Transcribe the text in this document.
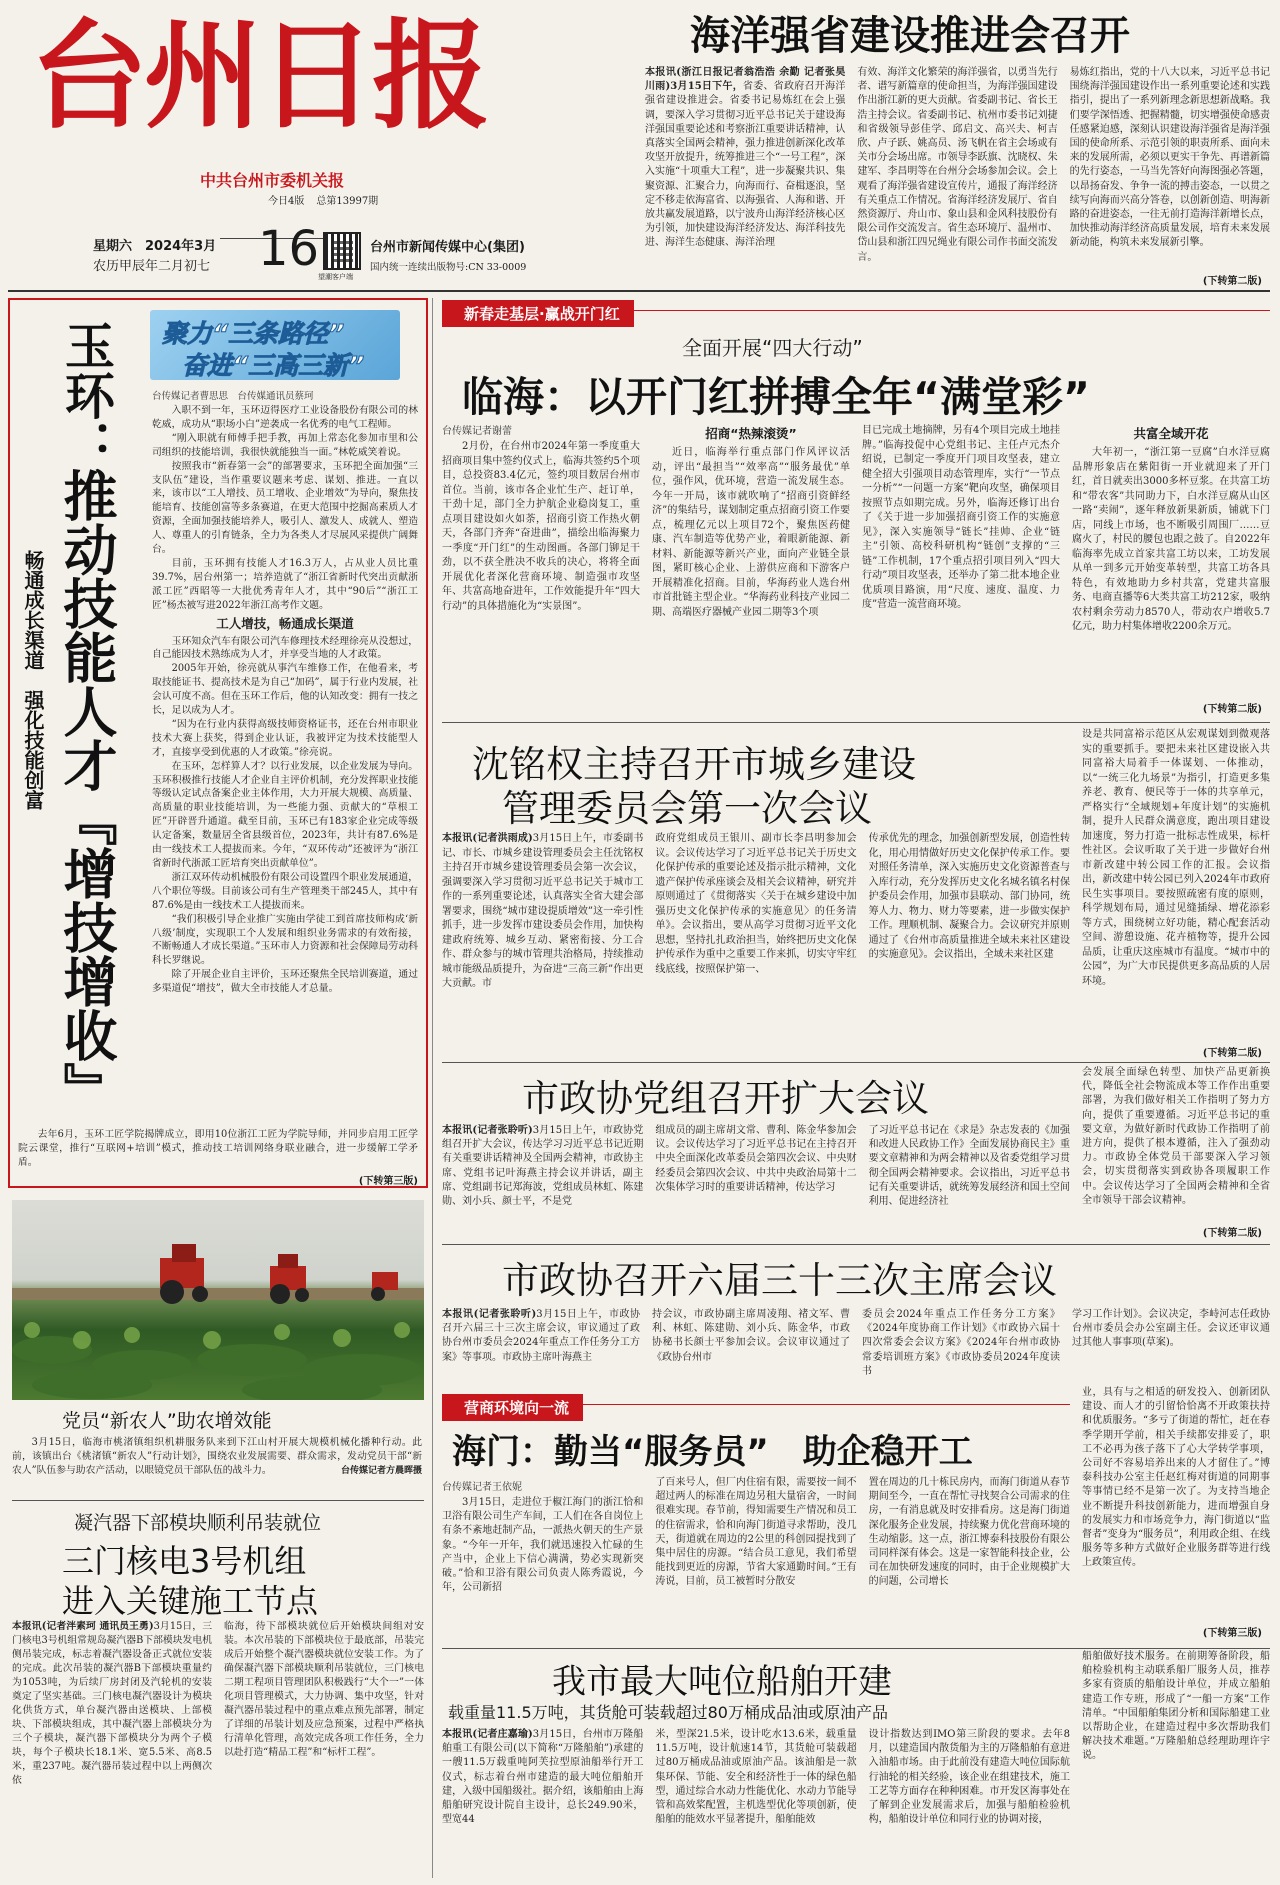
台州日报
中共台州市委机关报
今日4版 总第13997期
星期六　2024年3月
农历甲辰年二月初七 16
望潮客户端
台州市新闻传媒中心(集团)
国内统一连续出版物号:CN 33-0009
海洋强省建设推进会召开
本报讯(浙江日报记者翁浩浩 余勤 记者张昊川雨)3月15日下午，省委、省政府召开海洋强省建设推进会。省委书记易炼红在会上强调，要深入学习贯彻习近平总书记关于建设海洋强国重要论述和考察浙江重要讲话精神，认真落实全国两会精神，强力推进创新深化改革攻坚开放提升，统筹推进三个“一号工程”，深入实施“十项重大工程”，进一步凝聚共识、集聚资源、汇聚合力，向海而行、奋楫逐浪，坚定不移走依海富省、以海强省、人海和谐、开放共赢发展道路，以宁波舟山海洋经济核心区为引领，加快建设海洋经济发达、海洋科技先进、海洋生态健康、海洋治理
有效、海洋文化繁荣的海洋强省，以勇当先行者、谱写新篇章的使命担当，为海洋强国建设作出浙江新的更大贡献。省委副书记、省长王浩主持会议。省委副书记、杭州市委书记刘捷和省级领导彭佳学、邱启文、高兴夫、柯吉欣、卢子跃、姚高员、汤飞帆在省主会场或有关市分会场出席。市领导李跃旗、沈晓权、朱建军、李昌明等在台州分会场参加会议。会上观看了海洋强省建设宣传片，通报了海洋经济有关重点工作情况。省海洋经济发展厅、省自然资源厅、舟山市、象山县和金风科技股份有限公司作交流发言。省生态环境厅、温州市、岱山县和浙江四兄绳业有限公司作书面交流发言。
易炼红指出，党的十八大以来，习近平总书记围绕海洋强国建设作出一系列重要论述和实践指引，提出了一系列新理念新思想新战略。我们要学深悟透、把握精髓，切实增强使命感责任感紧迫感，深刻认识建设海洋强省是海洋强国的使命所系、示范引领的职责所系、面向未来的发展所需，必须以更实干争先、再谱新篇的先行姿态，一马当先答好向海图强必答题，以昂扬奋发、争争一流的搏击姿态，一以贯之续写向海而兴高分答卷，以创新创造、明海新路的奋进姿态，一往无前打造海洋新增长点，加快推动海洋经济高质量发展，培育未来发展新动能，构筑未来发展新引擎。
(下转第二版)
聚力“三条路径”
奋进“三高三新”
玉环：

推动技能人才『增技增收』
畅通成长渠道　强化技能创富
台传媒记者曹思思　台传媒通讯员蔡珂

入职不到一年，玉环迈得医疗工业设备股份有限公司的林乾威，成功从“职场小白”逆袭成一名优秀的电气工程师。

“刚入职就有师傅手把手教，再加上常态化参加市里和公司组织的技能培训，我很快就能独当一面。”林乾威笑着说。

按照我市“新春第一会”的部署要求，玉环把全面加强“三支队伍”建设，当作重要议题来考虑、谋划、推进。一直以来，该市以“工人增技、员工增收、企业增效”为导向，聚焦技能培育、技能创富等多条赛道，在更大范围中挖掘高素质人才资源，全面加强技能培养人，吸引人、激发人、成就人、塑造人、尊重人的引育链条，全力为各类人才尽展风采提供广阔舞台。

目前，玉环拥有技能人才16.3万人，占从业人员比重39.7%，居台州第一；培养造就了“浙江省新时代突出贡献浙派工匠”西昭等一大批优秀青年人才，其中“90后”“浙江工匠”杨杰被写进2022年浙江高考作文题。

工人增技，畅通成长渠道

玉环知众汽车有限公司汽车修理技术经理徐亮从没想过，自己能因技术熟练成为人才，并享受当地的人才政策。

2005年开始，徐亮就从事汽车维修工作，在他看来，考取技能证书、提高技术是为自己“加码”，属于行业内发展，社会认可度不高。但在玉环工作后，他的认知改变：拥有一技之长，足以成为人才。

“因为在行业内获得高级技师资格证书，还在台州市职业技术大赛上获奖，得到企业认证，我被评定为技术技能型人才，直接享受到优惠的人才政策。”徐亮说。

在玉环，怎样算人才？以行业发展，以企业发展为导向。玉环积极推行技能人才企业自主评价机制，充分发挥职业技能等级认定试点备案企业主体作用，大力开展大规模、高质量、高质量的职业技能培训，为一些能力强、贡献大的“草根工匠”开辟晋升通道。截至目前，玉环已有183家企业完成等级认定备案，数量居全省县级首位，2023年，共计有87.6%是由一线技术工人提拔而来。今年，“双环传动”还被评为“浙江省新时代浙派工匠培育突出贡献单位”。

浙江双环传动机械股份有限公司设置四个职业发展通道，八个职位等级。目前该公司有生产管理类干部245人，其中有87.6%是由一线技术工人提拔而来。

“我们积极引导企业推广实施由学徒工到首席技师构成‘新八级’制度，实现职工个人发展和组织业务需求的有效衔接，不断畅通人才成长渠道。”玉环市人力资源和社会保障局劳动科科长罗继说。

除了开展企业自主评价，玉环还聚焦全民培训赛道，通过多渠道促“增技”，做大全市技能人才总量。

去年6月，玉环工匠学院揭牌成立，即用10位浙江工匠为学院导师，并同步启用工匠学院云课堂，推行“互联网+培训”模式，推动技工培训网络身联业融合，进一步缓解工学矛盾。
(下转第三版)
党员“新农人”助农增效能
3月15日，临海市桃渚镇组织机耕服务队来到下江山村开展大规模机械化播种行动。此前，该镇出台《桃渚镇“新农人”行动计划》，围绕农业发展需要、群众需求，发动党员干部“新农人”队伍参与助农产活动，以眼镜党员干部队伍的战斗力。	台传媒记者方晨晖摄
凝汽器下部模块顺利吊装就位
三门核电3号机组
进入关键施工节点
本报讯(记者泮素珂 通讯员王勇)3月15日，三门核电3号机组常规岛凝汽器B下部模块发电机侧吊装完成，标志着凝汽器设备正式就位安装的完成。此次吊装的凝汽器B下部模块重量约为1053吨，为后续厂房封闭及汽轮机的安装奠定了坚实基础。三门核电凝汽器设计为模块化供货方式，单台凝汽器由送模块、上部模块、下部模块组成，其中凝汽器上部模块分为三个子模块，凝汽器下部模块分为两个子模块，每个子模块长18.1米、宽5.5米、高8.5米，重237吨。凝汽器吊装过程中以上两侧次依
临海，待下部模块就位后开始模块间组对安装。本次吊装的下部模块位于最底部，吊装完成后开始整个凝汽器模块就位安装工作。为了确保凝汽器下部模块顺利吊装就位，三门核电二期工程项目管理团队积极践行“大个一”一体化项目管理模式，大力协调、集中攻坚，针对凝汽器吊装过程中的重点难点预先部署，制定了详细的吊装计划及应急预案，过程中严格执行清单化管理，高效完成各项工作任务，全力以赴打造“精品工程”和“标杆工程”。
新春走基层·赢战开门红
全面开展“四大行动”
临海：以开门红拼搏全年“满堂彩”
台传媒记者谢蕾
2月份，在台州市2024年第一季度重大招商项目集中签约仪式上，临海共签约5个项目，总投资83.4亿元，签约项目数居台州市首位。当前，该市各企业忙生产、赶订单，干劲十足，部门全力护航企业稳岗复工，重点项目建设如火如荼，招商引资工作热火朝天，各部门齐奔“奋进曲”，描绘出临海聚力一季度“开门红”的生动图画。各部门铆足干劲，以不获全胜决不收兵的决心，将将全面开展优化者深化营商环境、制造强市攻坚年、共富高地奋进年，工作效能提升年“四大行动”的具体措施化为“实景图”。
招商“热辣滚烫”
近日，临海举行重点部门作风评议活动，评出“最担当”“效率高”“服务最优”单位，强作风，优环境，营造一流发展生态。今年一开局，该市就吹响了“招商引资鲜经济”的集结号，谋划制定重点招商引资工作要点，梳理亿元以上项目72个，聚焦医药健康、汽车制造等优势产业，着眼新能源、新材料、新能源等新兴产业，面向产业链全景图，紧盯核心企业、上游供应商和下游客户开展精准化招商。目前，华海药业人选台州市首批链主型企业。“华海药业科技产业园二期、高端医疗器械产业园二期等3个项
目已完成土地摘牌，另有4个项目完成土地挂牌。”临海投促中心党组书记、主任卢元杰介绍说，已制定一季度开门项目攻坚表，建立健全招大引强项目动态管理库，实行“一节点一分析”“一问题一方案”靶向攻坚，确保项目按照节点如期完成。另外，临海还修订出台了《关于进一步加强招商引资工作的实施意见》，深入实施领导“链长”挂帅、企业“链主”引领、高校科研机构“链创”支撑的“三链”工作机制，17个重点招引项目列入“四大行动”项目攻坚表，还举办了第二批本地企业优质项目路演，用“尺度、速度、温度、力度”营造一流营商环境。
共富全域开花
大年初一，“浙江第一豆腐”白水洋豆腐品牌形象店在紫阳街一开业就迎来了开门红，首日就卖出3000多杯豆浆。在共富工坊和“带农客”共同助力下，白水洋豆腐从山区一路“卖闹”，逐年释放新果新质，铺就下门店，同线上市场，也不断吸引周围厂……豆腐火了，村民的腰包也跟之鼓了。自2022年临海率先成立首家共富工坊以来，工坊发展从单一到多元开始变革转型，共富工坊各具特色，有效地助力乡村共富，党建共富服务、电商直播等6大类共富工坊212家，吸纳农村剩余劳动力8570人，带动农户增收5.7亿元，助力村集体增收2200余万元。
(下转第二版)
沈铭权主持召开市城乡建设
管理委员会第一次会议
设是共同富裕示范区从宏观谋划到微观落实的重要抓手。要把未来社区建设嵌入共同富裕大局着手一体谋划、一体推动，以“一统三化九场景”为指引，打造更多集养老、教育、便民等于一体的共享单元，严格实行“全域规划+年度计划”的实施机制，提升人民群众满意度，跑出项目建设加速度，努力打造一批标志性成果，标杆性社区。会议听取了关于进一步做好台州市新改建中转公园工作的汇报。会议指出，新改建中转公园已列入2024年市政府民生实事项目。要按照疏密有度的原则，科学规划布局，通过见缝插绿、增花添彩等方式，围绕树立好功能，精心配套活动空间、游憩设施、花卉植物等，提升公园品质，让重庆这座城市有温度。“城市中的公园”，为广大市民提供更多高品质的人居环境。
本报讯(记者洪雨成)3月15日上午，市委副书记、市长、市城乡建设管理委员会主任沈铭权主持召开市城乡建设管理委员会第一次会议，强调要深入学习贯彻习近平总书记关于城市工作的一系列重要论述，认真落实全省大建会部署要求，围绕“城市建设提质增效”这一牵引性抓手，进一步发挥市建设委员会作用，加快构建政府统筹、城乡互动、紧密衔接、分工合作、群众参与的城市管理共治格局，持续推动城市能级品质提升，为奋进“三高三新”作出更大贡献。市
政府党组成员王银川、副市长李昌明参加会议。会议传达学习了习近平总书记关于历史文化保护传承的重要论述及指示批示精神，文化遗产保护传承座谈会及相关会议精神，研究并原则通过了《贯彻落实〈关于在城乡建设中加强历史文化保护传承的实施意见〉的任务清单》。会议指出，要从高学习贯彻习近平文化思想，坚持扎扎政治担当，始终把历史文化保护传承作为重中之重要工作来抓，切实守牢红线底线，按照保护第一、
传承优先的理念，加强创新型发展，创造性转化，用心用情做好历史文化保护传承工作。要对照任务清单，深入实施历史文化资源普查与入库行动，充分发挥历史文化名城名镇名村保护委员会作用，加强市县联动、部门协同，统筹人力、物力、财力等要素，进一步做实保护工作。理顺机制、凝聚合力。会议研究并原则通过了《台州市高质量推进全域未来社区建设的实施意见》。会议指出，全域未来社区建
(下转第二版)
市政协党组召开扩大会议
会发展全面绿色转型、加快产品更新换代，降低全社会物流成本等工作作出重要部署，为我们做好相关工作指明了努力方向，提供了重要遵循。习近平总书记的重要文章，为做好新时代政协工作指明了前进方向，提供了根本遵循，注入了强劲动力。市政协全体党员干部要深入学习领会，切实贯彻落实到政协各项履职工作中。会议传达学习了全国两会精神和全省全市领导干部会议精神。
本报讯(记者张聆听)3月15日上午，市政协党组召开扩大会议，传达学习习近平总书记近期有关重要讲话精神及全国两会精神，市政协主席、党组书记叶海燕主持会议并讲话，副主席、党组副书记郑海波，党组成员林虹、陈建勋、刘小兵、颜士平，不是党
组成员的副主席胡文常、曹利、陈金华参加会议。会议传达学习了习近平总书记在主持召开中央全面深化改革委员会第四次会议、中央财经委员会第四次会议、中共中央政治局第十二次集体学习时的重要讲话精神，传达学习
了习近平总书记在《求是》杂志发表的《加强和改进人民政协工作》全面发展协商民主》重要文章精神和为两会精神以及省委党组学习贯彻全国两会精神要求。会议指出，习近平总书记有关重要讲话，就统筹发展经济和国土空间利用、促进经济社
(下转第二版)
市政协召开六届三十三次主席会议
本报讯(记者张聆听)3月15日上午，市政协召开六届三十三次主席会议，审议通过了政协台州市委员会2024年重点工作任务分工方案》等事项。市政协主席叶海燕主
持会议，市政协副主席周凌翔、褚文军、曹利、林虹、陈建勋、刘小兵、陈金华，市政协秘书长颜士平参加会议。会议审议通过了《政协台州市
委员会2024年重点工作任务分工方案》《2024年度协商工作计划》《市政协六届十四次常委会会议方案》《2024年台州市政协常委培训班方案》《市政协委员2024年度读书
学习工作计划》。会议决定，李峙河志任政协台州市委员会办公室副主任。会议还审议通过其他人事事项(草案)。
营商环境向一流
海门：勤当“服务员”　助企稳开工
台传媒记者王依妮
业，具有与之相适的研发投入、创新团队建设、而人才的引留恰恰离不开政策扶持和优质服务。“多亏了街道的帮忙，赶在春季学期开学前，相关手续都安排妥了，职工不必再为孩子落下了心大学转学事项，公司好不容易培养出来的人才留住了。”博泰科技办公室主任赵红梅对街道的同期事等事情已经不是第一次了。为支持当地企业不断提升科技创新能力，进而增强自身的发展实力和市场竞争力，海门街道以“监督者”变身为“服务员”，利用政企组、在线服务等多种方式做好企业服务群等进行线上政策宣传。
3月15日，走进位于椒江海门的浙江恰和卫浴有限公司生产车间，工人们在各自岗位上有条不紊地赶制产品，一派热火朝天的生产景象。“今年一开年，我们就迅速投入忙碌的生产当中，企业上下信心满满，势必实现新突破。”恰和卫浴有限公司负责人陈秀霞说，今年，公司新招
了百来号人，但厂内住宿有限，需要按一间不超过两人的标准在周边另租大量宿舍，一时间很难实现。春节前，得知需要生产情况和员工的住宿需求，恰和向海门街道寻求帮助，没几天，街道就在周边的2公里的科创园提找到了集中居住的房源。“结合员工意见，我们希望能找到更近的房源，节省大家通勤时间。”王有涛说，目前，员工被暂时分散安
置在周边的几十栋民房内，而海门街道从春节期间至今，一直在帮忙寻找契合公司需求的住房，一有消息就及时安排看房。这是海门街道深化服务企业发展，持续聚力优化营商环境的生动缩影。这一点，浙江博泰科技股份有限公司同样深有体会。这是一家智能科技企业，公司在加快研发速度的同时，由于企业规模扩大的问题，公司增长
(下转第三版)
我市最大吨位船舶开建
载重量11.5万吨，其货舱可装载超过80万桶成品油或原油产品
船舶做好技术服务。在前期筹备阶段，船舶检验机构主动联系船厂服务人员，推荐多家有资质的船舶设计单位，并成立船舶建造工作专班，形成了“一船一方案”工作清单。“中国船舶集团分析和国际船建工业以帮助企业，在建造过程中多次帮助我们解决技术难题。”万隆船舶总经理助理许宇说。
本报讯(记者庄嘉瑜)3月15日，台州市万隆船舶重工有限公司(以下简称“万隆船舶”)承建的一艘11.5万载重吨阿芙拉型原油船举行开工仪式，标志着台州市建造的最大吨位船舶开建，入级中国船级社。据介绍，该船舶由上海船舶研究设计院自主设计，总长249.90米，型宽44
米，型深21.5米，设计吃水13.6米，载重量11.5万吨，设计航速14节，其货舱可装载超过80万桶成品油或原油产品。该油船是一款集环保、节能、安全和经济性于一体的绿色船型，通过综合水动力性能优化、水动力节能导管和高效桨配置，主机选型优化等项创新，使船舶的能效水平显著提升，船舶能效
设计指数达到IMO第三阶段的要求。去年8月，以建造国内散货船为主的万隆船舶有意进入油船市场。由于此前没有建造大吨位国际航行油轮的相关经验，该企业在组建技术，施工工艺等方面存在种种困难。市开发区海事处在了解到企业发展需求后，加强与船舶检验机构，船舶设计单位和同行业的协调对接，
